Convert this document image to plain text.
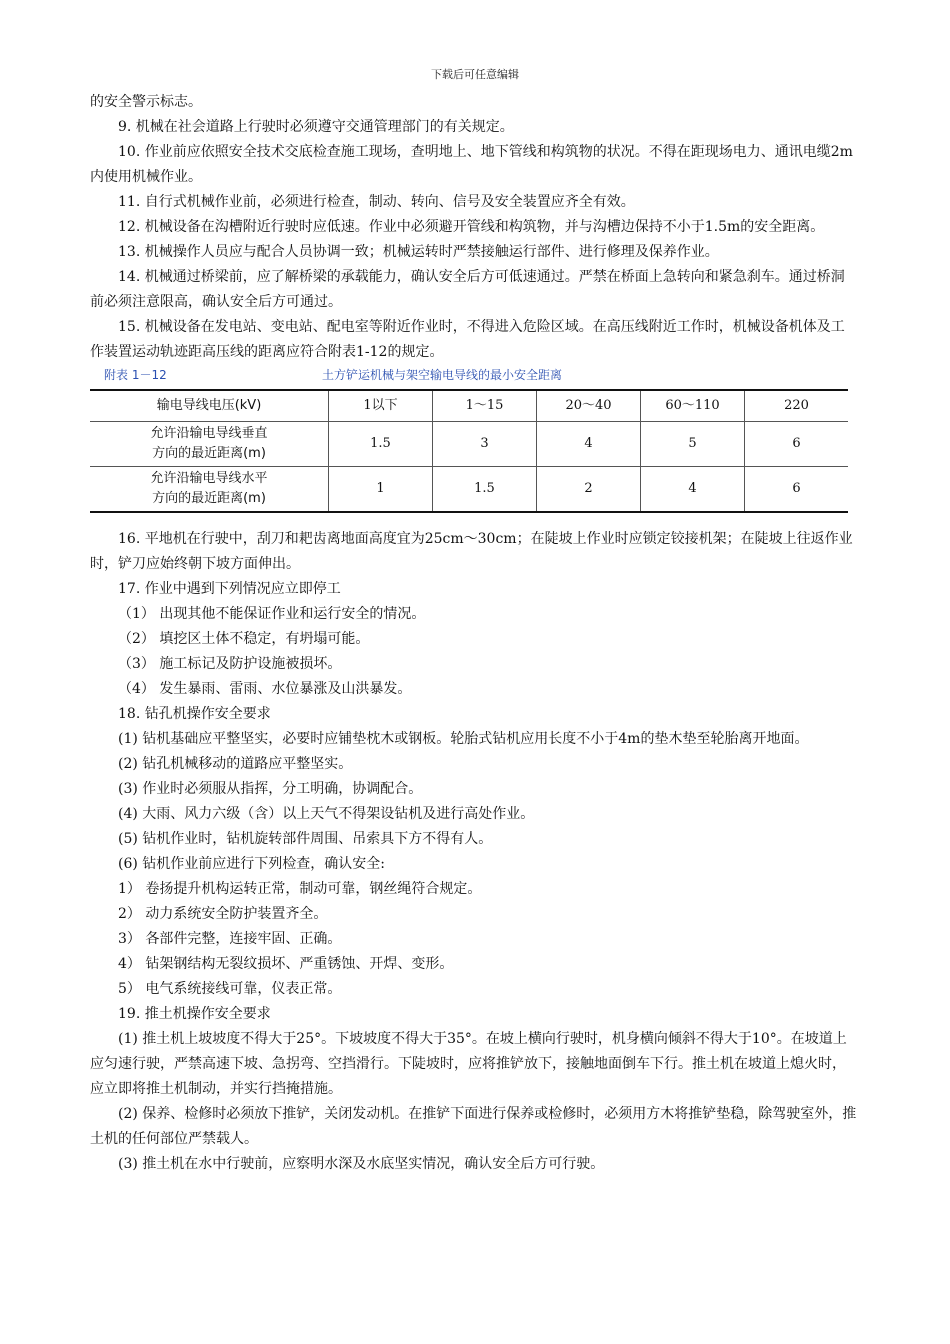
下载后可任意编辑

的安全警示标志。

9. 机械在社会道路上行驶时必须遵守交通管理部门的有关规定。

10. 作业前应依照安全技术交底检查施工现场，查明地上、地下管线和构筑物的状况。不得在距现场电力、通讯电缆2m内使用机械作业。

11. 自行式机械作业前，必须进行检查，制动、转向、信号及安全装置应齐全有效。

12. 机械设备在沟槽附近行驶时应低速。作业中必须避开管线和构筑物，并与沟槽边保持不小于1.5m的安全距离。

13. 机械操作人员应与配合人员协调一致；机械运转时严禁接触运行部件、进行修理及保养作业。

14. 机械通过桥梁前，应了解桥梁的承载能力，确认安全后方可低速通过。严禁在桥面上急转向和紧急刹车。通过桥洞前必须注意限高，确认安全后方可通过。

15. 机械设备在发电站、变电站、配电室等附近作业时，不得进入危险区域。在高压线附近工作时，机械设备机体及工作装置运动轨迹距高压线的距离应符合附表1-12的规定。

附表 1－12	土方铲运机械与架空输电导线的最小安全距离
输电导线电压(kV)	1以下	1～15	20～40	60～110	220

允许沿输电导线垂直
方向的最近距离(m)	1.5	3	4	5	6

允许沿输电导线水平
方向的最近距离(m)	1	1.5	2	4	6

16. 平地机在行驶中，刮刀和耙齿离地面高度宜为25cm～30cm；在陡坡上作业时应锁定铰接机架；在陡坡上往返作业时，铲刀应始终朝下坡方面伸出。

17. 作业中遇到下列情况应立即停工

（1） 出现其他不能保证作业和运行安全的情况。

（2） 填挖区土体不稳定，有坍塌可能。

（3） 施工标记及防护设施被损坏。

（4） 发生暴雨、雷雨、水位暴涨及山洪暴发。

18. 钻孔机操作安全要求

(1) 钻机基础应平整坚实，必要时应铺垫枕木或钢板。轮胎式钻机应用长度不小于4m的垫木垫至轮胎离开地面。

(2) 钻孔机械移动的道路应平整坚实。

(3) 作业时必须服从指挥，分工明确，协调配合。

(4) 大雨、风力六级（含）以上天气不得架设钻机及进行高处作业。

(5) 钻机作业时，钻机旋转部件周围、吊索具下方不得有人。

(6) 钻机作业前应进行下列检查，确认安全:

1） 卷扬提升机构运转正常，制动可靠，钢丝绳符合规定。

2） 动力系统安全防护装置齐全。

3） 各部件完整，连接牢固、正确。

4） 钻架钢结构无裂纹损坏、严重锈蚀、开焊、变形。

5） 电气系统接线可靠，仪表正常。

19. 推土机操作安全要求

(1) 推土机上坡坡度不得大于25°。下坡坡度不得大于35°。在坡上横向行驶时，机身横向倾斜不得大于10°。在坡道上应匀速行驶，严禁高速下坡、急拐弯、空挡滑行。下陡坡时，应将推铲放下，接触地面倒车下行。推土机在坡道上熄火时，应立即将推土机制动，并实行挡掩措施。

(2) 保养、检修时必须放下推铲，关闭发动机。在推铲下面进行保养或检修时，必须用方木将推铲垫稳，除驾驶室外，推土机的任何部位严禁载人。

(3) 推土机在水中行驶前，应察明水深及水底坚实情况，确认安全后方可行驶。
